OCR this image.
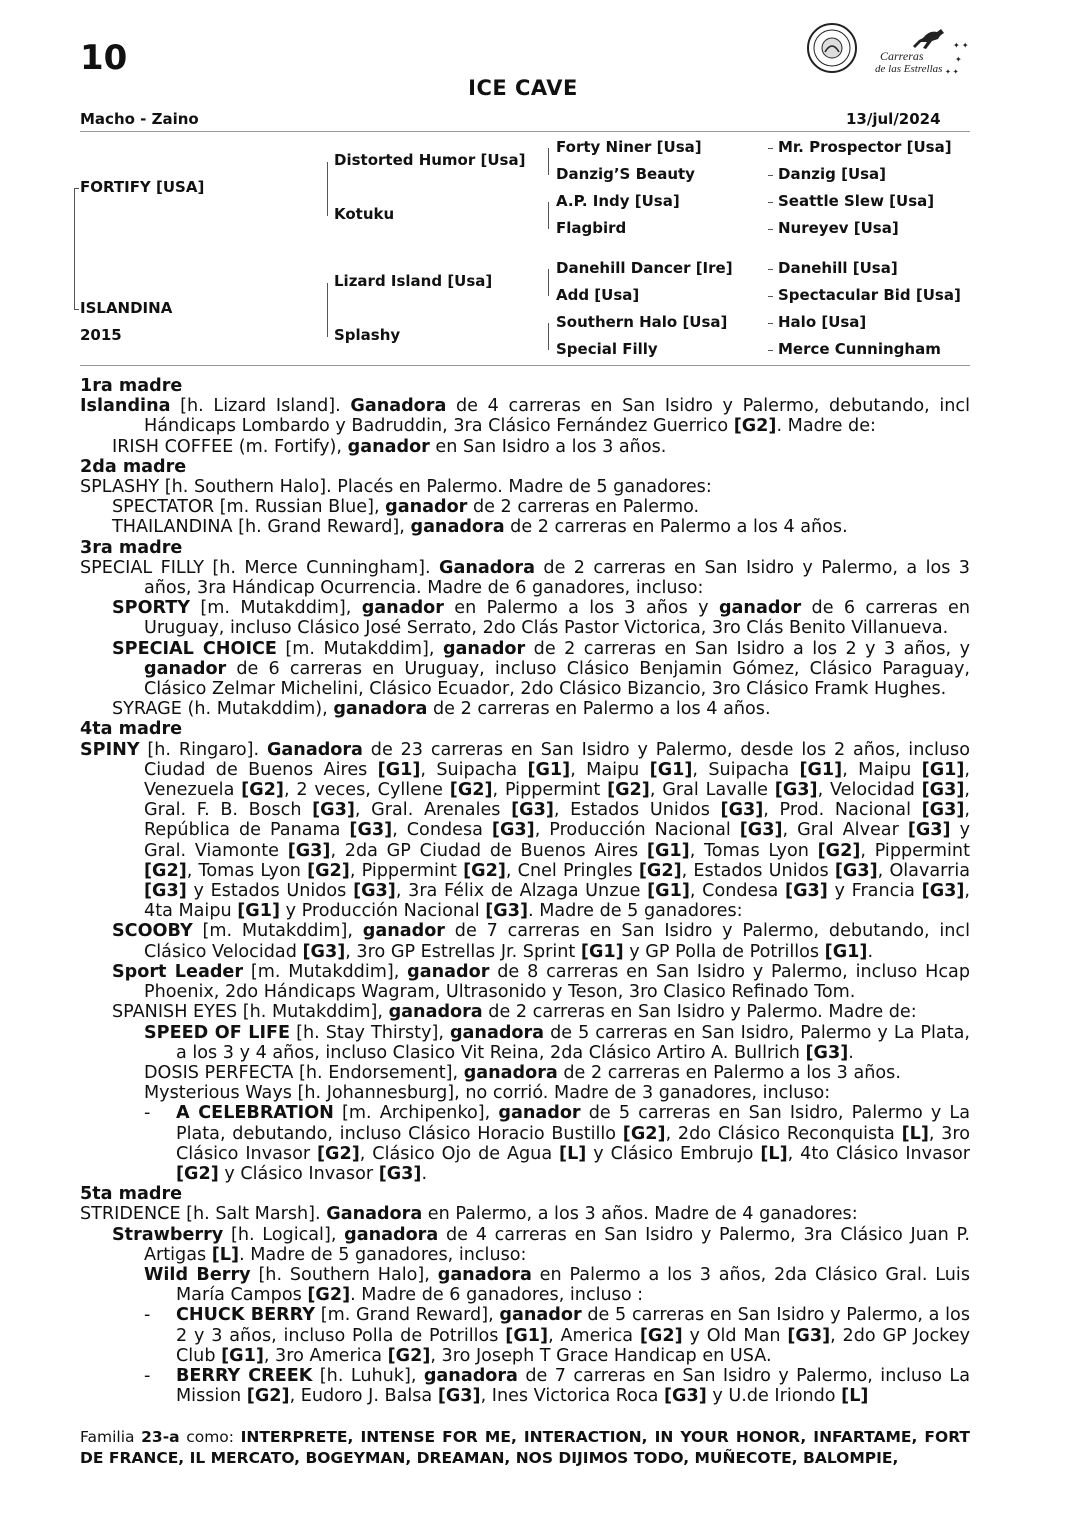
10	Carreras
de las Estrellas
✦ ✦
✦
✦ ✦
ICE CAVE
Macho - Zaino	13/jul/2024
FORTIFY [USA]
ISLANDINA
2015
Distorted Humor [Usa]
Kotuku
Lizard Island [Usa]
Splashy
Forty Niner [Usa]
Danzig’S Beauty
A.P. Indy [Usa]
Flagbird
Danehill Dancer [Ire]
Add [Usa]
Southern Halo [Usa]
Special Filly
Mr. Prospector [Usa]
Danzig [Usa]
Seattle Slew [Usa]
Nureyev [Usa]
Danehill [Usa]
Spectacular Bid [Usa]
Halo [Usa]
Merce Cunningham

1ra madre

Islandina [h. Lizard Island]. Ganadora de 4 carreras en San Isidro y Palermo, debutando, incl Hándicaps Lombardo y Badruddin, 3ra Clásico Fernández Guerrico [G2]. Madre de:

IRISH COFFEE (m. Fortify), ganador en San Isidro a los 3 años.

2da madre

SPLASHY [h. Southern Halo]. Placés en Palermo. Madre de 5 ganadores:

SPECTATOR [m. Russian Blue], ganador de 2 carreras en Palermo.

THAILANDINA [h. Grand Reward], ganadora de 2 carreras en Palermo a los 4 años.

3ra madre

SPECIAL FILLY [h. Merce Cunningham]. Ganadora de 2 carreras en San Isidro y Palermo, a los 3 años, 3ra Hándicap Ocurrencia. Madre de 6 ganadores, incluso:

SPORTY [m. Mutakddim], ganador en Palermo a los 3 años y ganador de 6 carreras en Uruguay, incluso Clásico José Serrato, 2do Clás Pastor Victorica, 3ro Clás Benito Villanueva.

SPECIAL CHOICE [m. Mutakddim], ganador de 2 carreras en San Isidro a los 2 y 3 años, y ganador de 6 carreras en Uruguay, incluso Clásico Benjamin Gómez, Clásico Paraguay, Clásico Zelmar Michelini, Clásico Ecuador, 2do Clásico Bizancio, 3ro Clásico Framk Hughes.

SYRAGE (h. Mutakddim), ganadora de 2 carreras en Palermo a los 4 años.

4ta madre

SPINY [h. Ringaro]. Ganadora de 23 carreras en San Isidro y Palermo, desde los 2 años, incluso Ciudad de Buenos Aires [G1], Suipacha [G1], Maipu [G1], Suipacha [G1], Maipu [G1], Venezuela [G2], 2 veces, Cyllene [G2], Pippermint [G2], Gral Lavalle [G3], Velocidad [G3], Gral. F. B. Bosch [G3], Gral. Arenales [G3], Estados Unidos [G3], Prod. Nacional [G3], República de Panama [G3], Condesa [G3], Producción Nacional [G3], Gral Alvear [G3] y Gral. Viamonte [G3], 2da GP Ciudad de Buenos Aires [G1], Tomas Lyon [G2], Pippermint [G2], Tomas Lyon [G2], Pippermint [G2], Cnel Pringles [G2], Estados Unidos [G3], Olavarria [G3] y Estados Unidos [G3], 3ra Félix de Alzaga Unzue [G1], Condesa [G3] y Francia [G3], 4ta Maipu [G1] y Producción Nacional [G3]. Madre de 5 ganadores:

SCOOBY [m. Mutakddim], ganador de 7 carreras en San Isidro y Palermo, debutando, incl Clásico Velocidad [G3], 3ro GP Estrellas Jr. Sprint [G1] y GP Polla de Potrillos [G1].

Sport Leader [m. Mutakddim], ganador de 8 carreras en San Isidro y Palermo, incluso Hcap Phoenix, 2do Hándicaps Wagram, Ultrasonido y Teson, 3ro Clasico Refinado Tom.

SPANISH EYES [h. Mutakddim], ganadora de 2 carreras en San Isidro y Palermo. Madre de:

SPEED OF LIFE [h. Stay Thirsty], ganadora de 5 carreras en San Isidro, Palermo y La Plata, a los 3 y 4 años, incluso Clasico Vit Reina, 2da Clásico Artiro A. Bullrich [G3].

DOSIS PERFECTA [h. Endorsement], ganadora de 2 carreras en Palermo a los 3 años.

Mysterious Ways [h. Johannesburg], no corrió. Madre de 3 ganadores, incluso:

- A CELEBRATION [m. Archipenko], ganador de 5 carreras en San Isidro, Palermo y La Plata, debutando, incluso Clásico Horacio Bustillo [G2], 2do Clásico Reconquista [L], 3ro Clásico Invasor [G2], Clásico Ojo de Agua [L] y Clásico Embrujo [L], 4to Clásico Invasor [G2] y Clásico Invasor [G3].

5ta madre

STRIDENCE [h. Salt Marsh]. Ganadora en Palermo, a los 3 años. Madre de 4 ganadores:

Strawberry [h. Logical], ganadora de 4 carreras en San Isidro y Palermo, 3ra Clásico Juan P. Artigas [L]. Madre de 5 ganadores, incluso:

Wild Berry [h. Southern Halo], ganadora en Palermo a los 3 años, 2da Clásico Gral. Luis María Campos [G2]. Madre de 6 ganadores, incluso :

- CHUCK BERRY [m. Grand Reward], ganador de 5 carreras en San Isidro y Palermo, a los 2 y 3 años, incluso Polla de Potrillos [G1], America [G2] y Old Man [G3], 2do GP Jockey Club [G1], 3ro America [G2], 3ro Joseph T Grace Handicap en USA.

- BERRY CREEK [h. Luhuk], ganadora de 7 carreras en San Isidro y Palermo, incluso La Mission [G2], Eudoro J. Balsa [G3], Ines Victorica Roca [G3] y U.de Iriondo [L]

Familia 23-a como: INTERPRETE, INTENSE FOR ME, INTERACTION, IN YOUR HONOR, INFARTAME, FORT DE FRANCE, IL MERCATO, BOGEYMAN, DREAMAN, NOS DIJIMOS TODO, MUÑECOTE, BALOMPIE,
